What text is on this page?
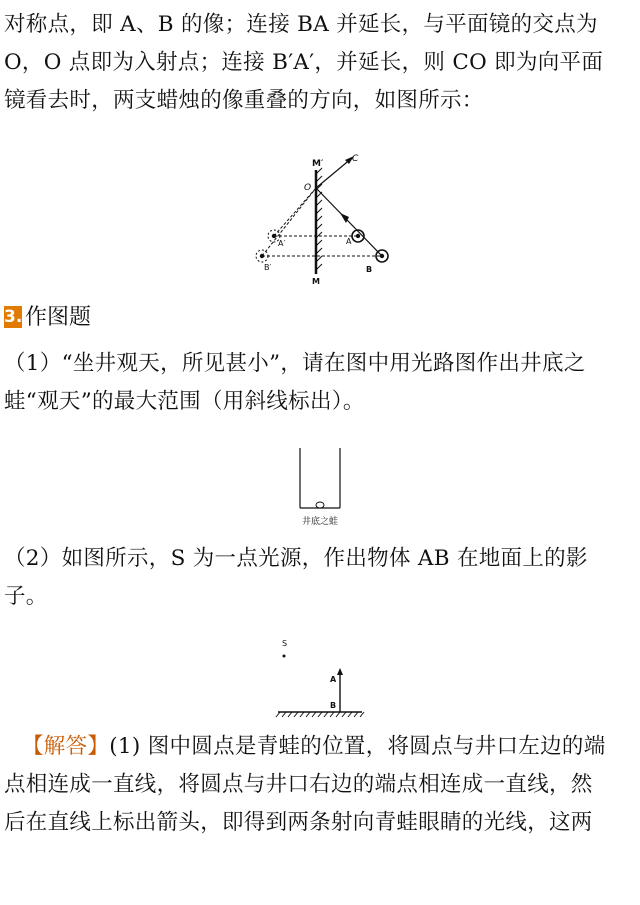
对称点，即 A、B 的像；连接 BA 并延长，与平面镜的交点为
O，O 点即为入射点；连接 B′A′，并延长，则 CO 即为向平面
镜看去时，两支蜡烛的像重叠的方向，如图所示：
M′	C
O
A′	A
B′	B
M
3. 作图题
（1）“坐井观天，所见甚小”，请在图中用光路图作出井底之
蛙“观天”的最大范围（用斜线标出）。
井底之蛙
（2）如图所示，S 为一点光源，作出物体 AB 在地面上的影
子。
S
A
B
【解答】(1) 图中圆点是青蛙的位置，将圆点与井口左边的端
点相连成一直线，将圆点与井口右边的端点相连成一直线，然
后在直线上标出箭头，即得到两条射向青蛙眼睛的光线，这两
